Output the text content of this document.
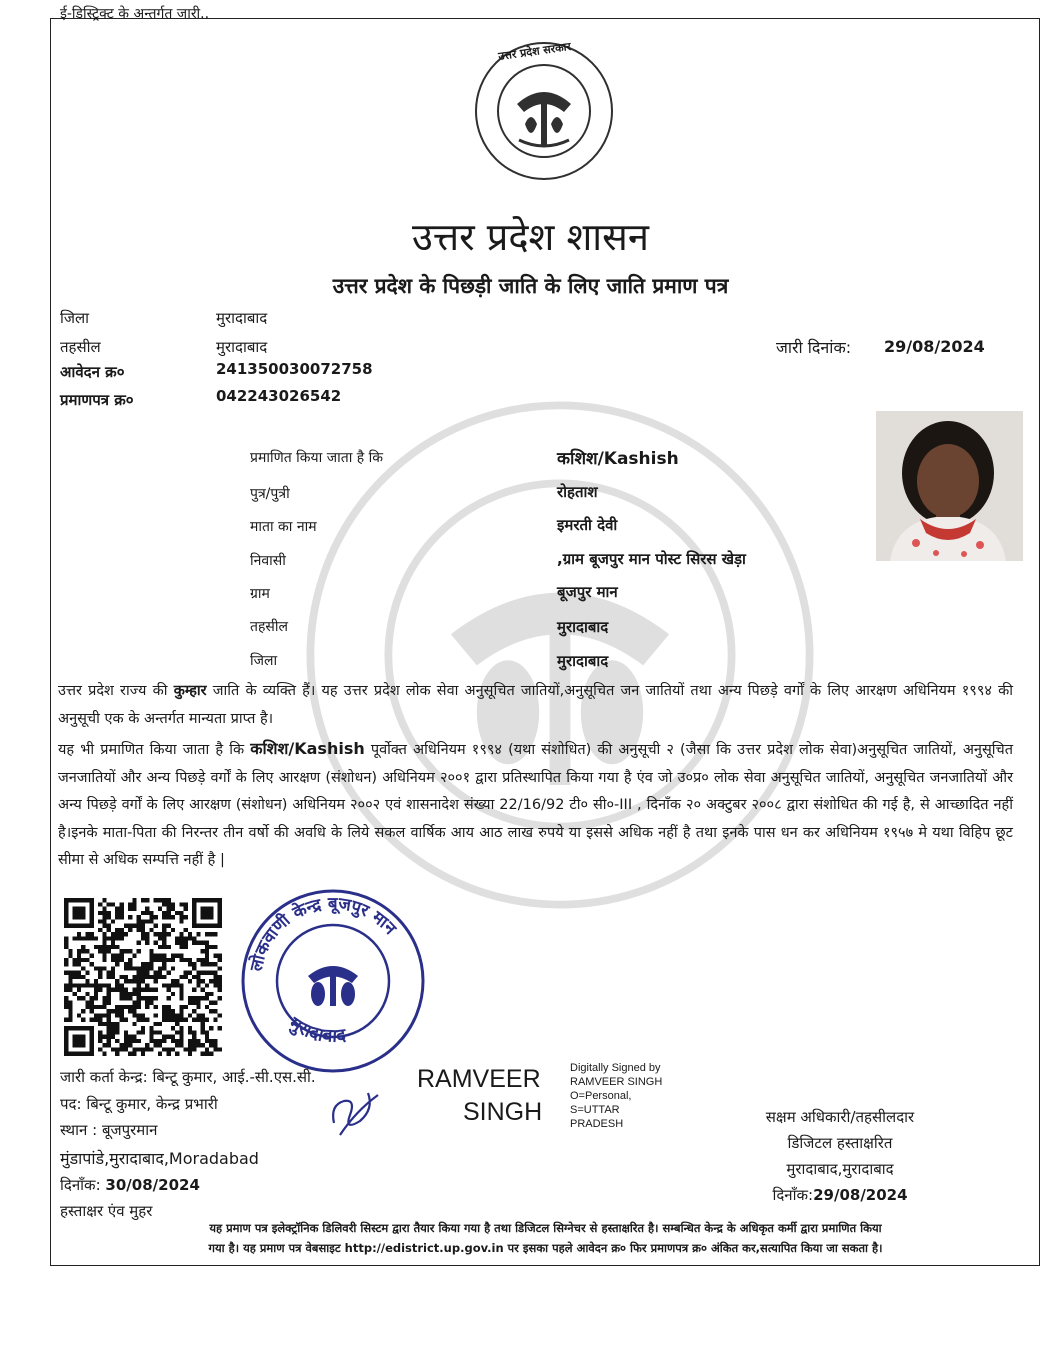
ई-डिस्ट्रिक्ट के अन्तर्गत जारी..
उत्तर प्रदेश सरकार
उत्तर प्रदेश शासन
उत्तर प्रदेश के पिछड़ी जाति के लिए जाति प्रमाण पत्र
जिला	मुरादाबाद
तहसील	मुरादाबाद
आवेदन क्र०	241350030072758
प्रमाणपत्र क्र०	042243026542
जारी दिनांक: 29/08/2024
प्रमाणित किया जाता है कि	कशिश/Kashish
पुत्र/पुत्री	रोहताश
माता का नाम	इमरती देवी
निवासी	,ग्राम बूजपुर मान पोस्ट सिरस खेड़ा
ग्राम	बूजपुर मान
तहसील	मुरादाबाद
जिला	मुरादाबाद
उत्तर प्रदेश राज्य की कुम्हार जाति के व्यक्ति हैं। यह उत्तर प्रदेश लोक सेवा अनुसूचित जातियों,अनुसूचित जन जातियों तथा अन्य पिछड़े वर्गों के लिए आरक्षण अधिनियम १९९४ की अनुसूची एक के अन्तर्गत मान्यता प्राप्त है।
यह भी प्रमाणित किया जाता है कि कशिश/Kashish पूर्वोक्त अधिनियम १९९४ (यथा संशोधित) की अनुसूची २ (जैसा कि उत्तर प्रदेश लोक सेवा)अनुसूचित जातियों, अनुसूचित जनजातियों और अन्य पिछड़े वर्गों के लिए आरक्षण (संशोधन) अधिनियम २००१ द्वारा प्रतिस्थापित किया गया है एंव जो उ०प्र० लोक सेवा अनुसूचित जातियों, अनुसूचित जनजातियों और अन्य पिछड़े वर्गों के लिए आरक्षण (संशोधन) अधिनियम २००२ एवं शासनादेश संख्या 22/16/92 टी० सी०-III , दिनाँक २० अक्टुबर २००८ द्वारा संशोधित की गई है, से आच्छादित नहीं है।इनके माता-पिता की निरन्तर तीन वर्षो की अवधि के लिये सकल वार्षिक आय आठ लाख रुपये या इससे अधिक नहीं है तथा इनके पास धन कर अधिनियम १९५७ मे यथा विहिप छूट सीमा से अधिक सम्पत्ति नहीं है |
लोकवाणी केन्द्र बूजपुर मान
मुरादाबाद
जारी कर्ता केन्द्र: बिन्टू कुमार, आई.-सी.एस.सी.
पद: बिन्टू कुमार, केन्द्र प्रभारी
स्थान : बूजपुरमान
मुंडापांडे,मुरादाबाद,Moradabad
दिनाँक: 30/08/2024
हस्ताक्षर एंव मुहर
RAMVEER
SINGH
Digitally Signed by
RAMVEER SINGH
O=Personal,
S=UTTAR
PRADESH	सक्षम अधिकारी/तहसीलदार
डिजिटल हस्ताक्षरित
मुरादाबाद,मुरादाबाद
दिनाँक:29/08/2024
यह प्रमाण पत्र इलेक्ट्रॉनिक डिलिवरी सिस्टम द्वारा तैयार किया गया है तथा डिजिटल सिग्नेचर से हस्ताक्षरित है। सम्बन्धित केन्द्र के अधिकृत कर्मी द्वारा प्रमाणित किया
गया है। यह प्रमाण पत्र वेबसाइट http://edistrict.up.gov.in पर इसका पहले आवेदन क्र० फिर प्रमाणपत्र क्र० अंकित कर,सत्यापित किया जा सकता है।
